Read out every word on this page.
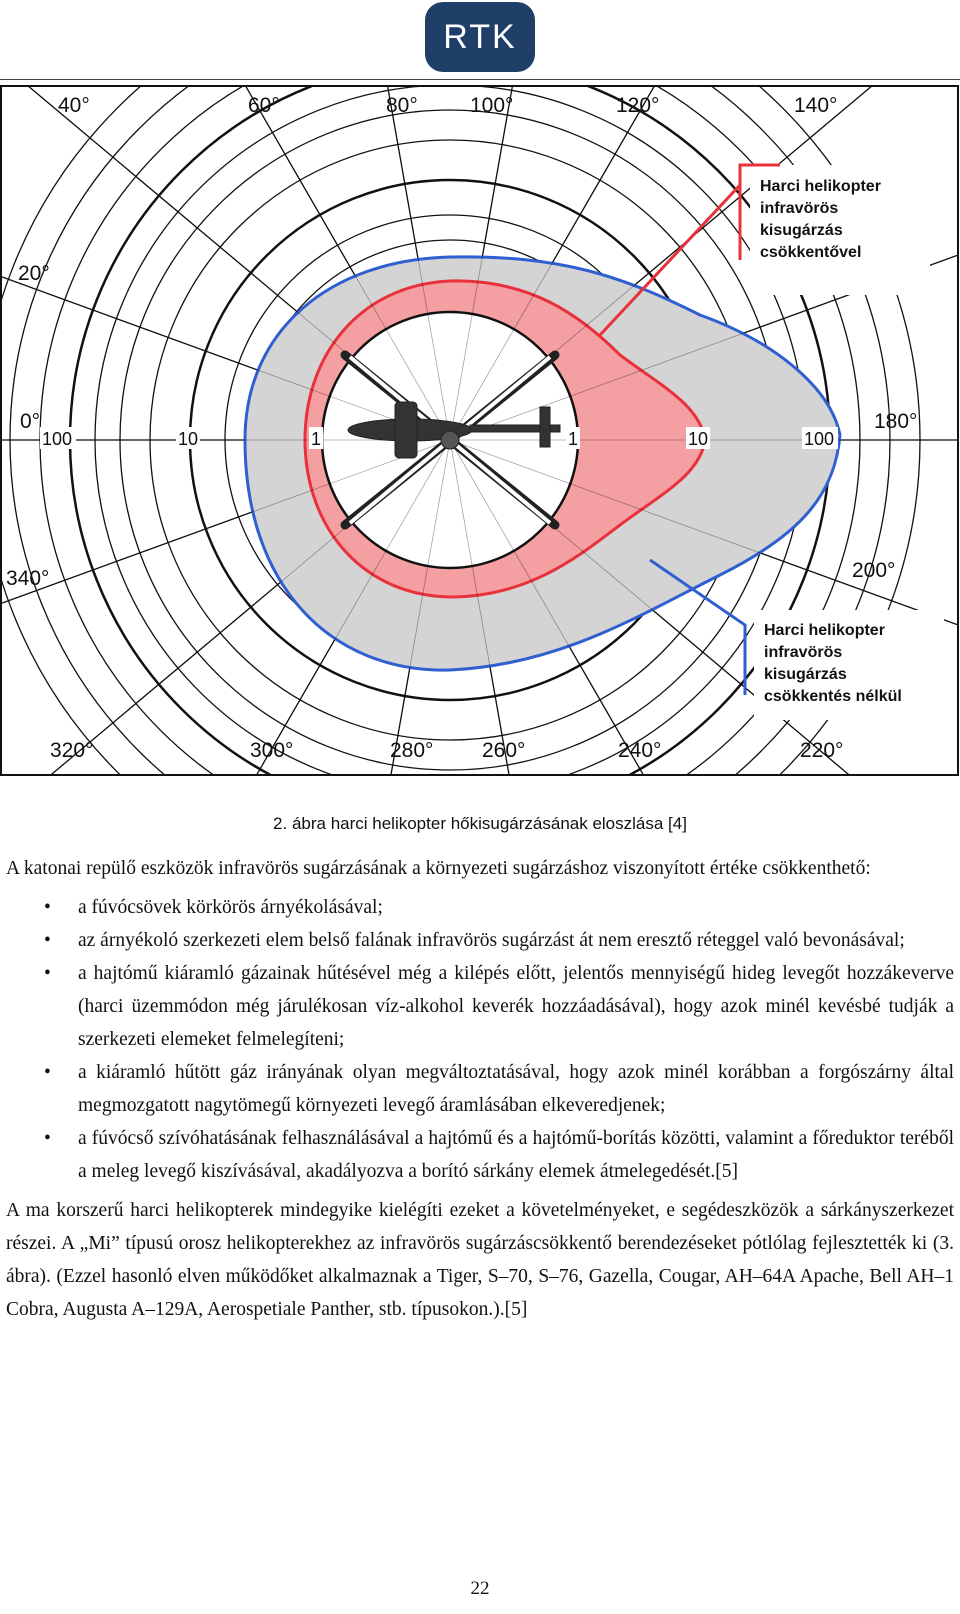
RTK
40°	60°	80° 100°	120°	140°
320°	300°	280° 260°	240°	220°
20°
0°
340°
180°
200°
100	10	1	1	10	100
Harci helikopter
infravörös
kisugárzás
csökkentővel
Harci helikopter
infravörös
kisugárzás
csökkentés nélkül
2. ábra harci helikopter hőkisugárzásának eloszlása [4]

A katonai repülő eszközök infravörös sugárzásának a környezeti sugárzáshoz viszonyított értéke csökkenthető:

• a fúvócsövek körkörös árnyékolásával;
• az árnyékoló szerkezeti elem belső falának infravörös sugárzást át nem eresztő réteggel való bevonásával;
• a hajtómű kiáramló gázainak hűtésével még a kilépés előtt, jelentős mennyiségű hideg levegőt hozzákeverve (harci üzemmódon még járulékosan víz-alkohol keverék hozzáadásával), hogy azok minél kevésbé tudják a szerkezeti elemeket felmelegíteni;
• a kiáramló hűtött gáz irányának olyan megváltoztatásával, hogy azok minél korábban a forgószárny által megmozgatott nagytömegű környezeti levegő áramlásában elkeveredjenek;
• a fúvócső szívóhatásának felhasználásával a hajtómű és a hajtómű-borítás közötti, valamint a főreduktor teréből a meleg levegő kiszívásával, akadályozva a borító sárkány elemek átmelegedését.[5]

A ma korszerű harci helikopterek mindegyike kielégíti ezeket a követelményeket, e segédeszközök a sárkányszerkezet részei. A „Mi” típusú orosz helikopterekhez az infravörös sugárzáscsökkentő berendezéseket pótlólag fejlesztették ki (3. ábra). (Ezzel hasonló elven működőket alkalmaznak a Tiger, S–70, S–76, Gazella, Cougar, AH–64A Apache, Bell AH–1 Cobra, Augusta A–129A, Aerospetiale Panther, stb. típusokon.).[5]

22
